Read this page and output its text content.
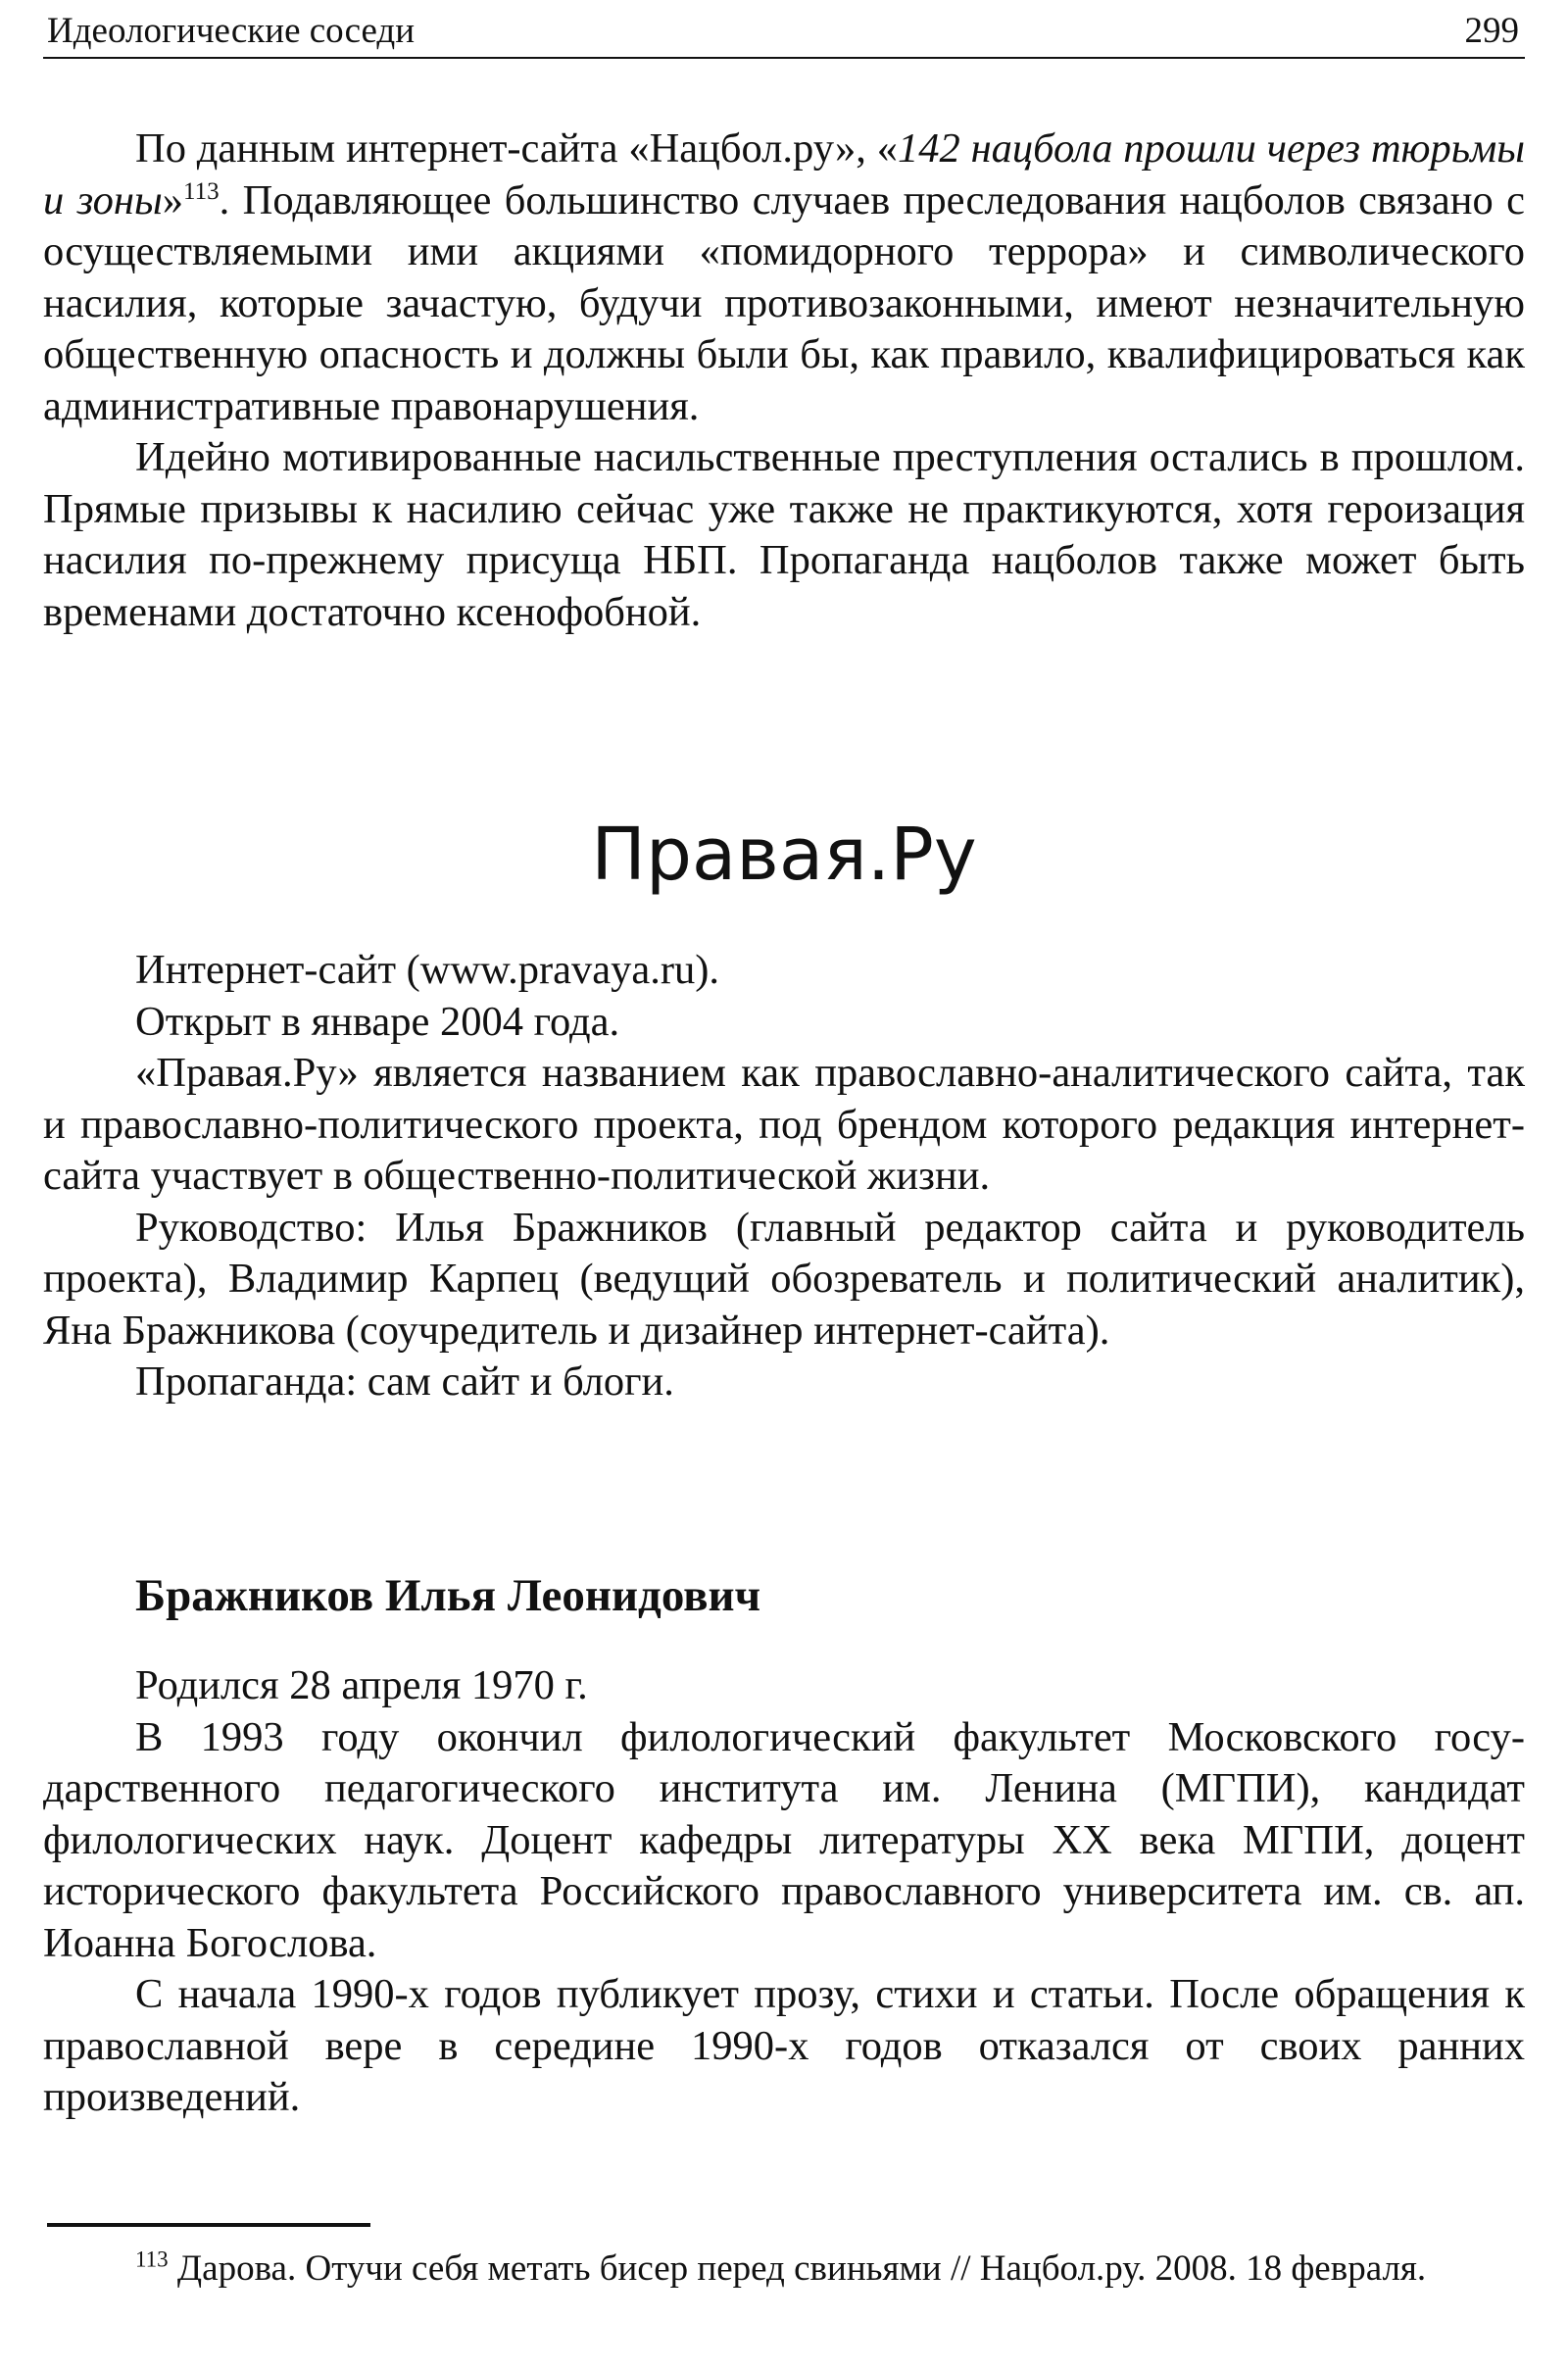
Идеологические соседи	299

По данным интернет-сайта «Нацбол.ру», «142 нацбола прошли через тюрьмы и зоны»$^{113}$. Подавляющее большинство случаев преследования нацболов связано с осуществляемыми ими акциями «помидорного террора» и символического насилия, которые зачастую, будучи противозаконными, имеют незначительную общественную опасность и должны были бы, как правило, квалифицироваться как административные правонарушения.

Идейно мотивированные насильственные преступления остались в прошлом. Прямые призывы к насилию сейчас уже также не практикуются, хотя героизация насилия по-прежнему присуща НБП. Пропаганда нацболов также может быть временами достаточно ксенофобной.

Правая.Ру

Интернет-сайт (www.pravaya.ru).

Открыт в январе 2004 года.

«Правая.Ру» является названием как православно-аналитического сайта, так и православно-политического проекта, под брендом которого редакция интернет-сайта участвует в общественно-политической жизни.

Руководство: Илья Бражников (главный редактор сайта и руководитель проекта), Владимир Карпец (ведущий обозреватель и политический аналитик), Яна Бражникова (соучредитель и дизайнер интернет-сайта).

Пропаганда: сам сайт и блоги.

Бражников Илья Леонидович

Родился 28 апреля 1970 г.

В 1993 году окончил филологический факультет Московского государственного педагогического института им. Ленина (МГПИ), кандидат филологических наук. Доцент кафедры литературы XX века МГПИ, доцент исторического факультета Российского православного университета им. св. ап. Иоанна Богослова.

С начала 1990-х годов публикует прозу, стихи и статьи. После обращения к православной вере в середине 1990-х годов отказался от своих ранних произведений.

$^{113}$ Дарова. Отучи себя метать бисер перед свиньями // Нацбол.ру. 2008. 18 февраля.
